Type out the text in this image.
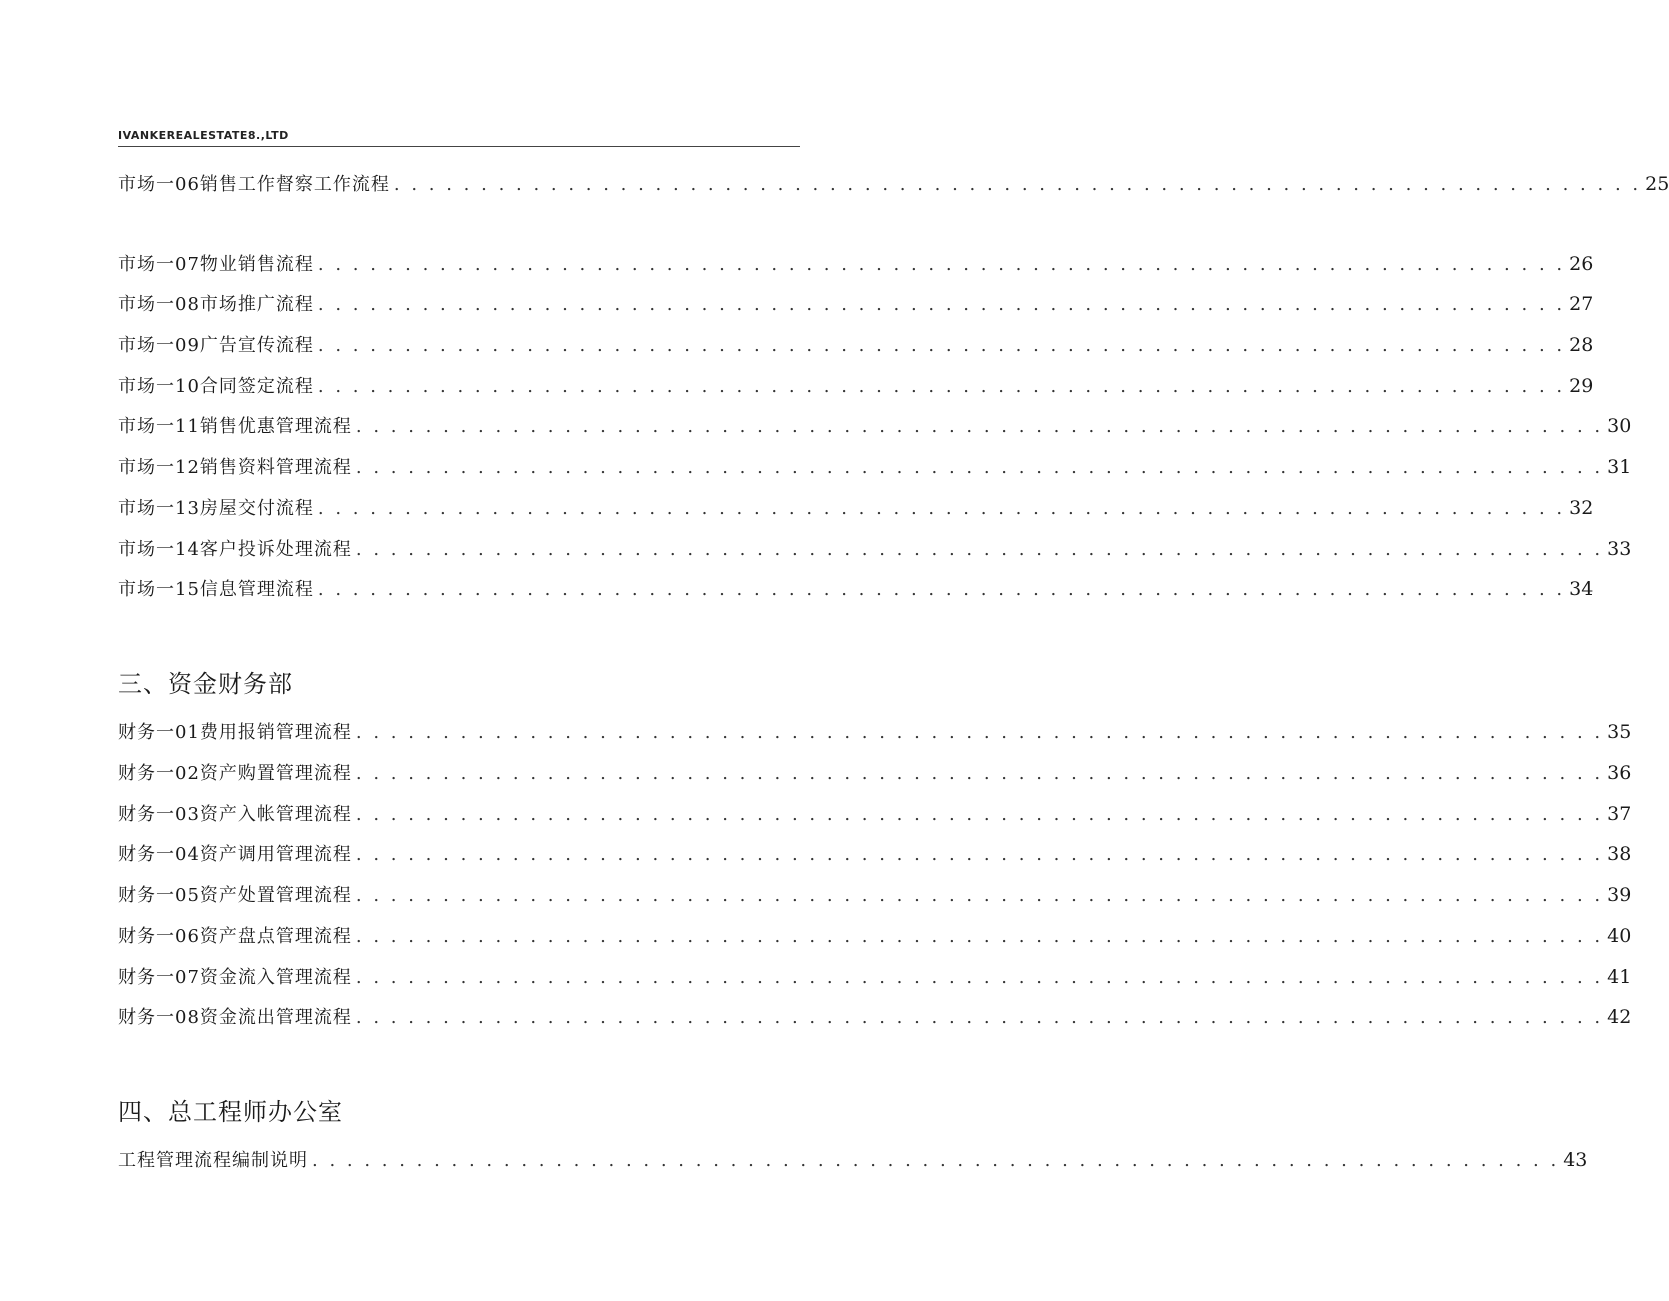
IVANKEREALESTATE8.,LTD
市场一06销售工作督察工作流程 . . . . . . . . . . . . . . . . . . . . . . . . . . . . . . . . . . . . . . . . . . . . . . . . . . . . . . . . . . . . . . . . . . . . . . . . 25
市场一07物业销售流程 . . . . . . . . . . . . . . . . . . . . . . . . . . . . . . . . . . . . . . . . . . . . . . . . . . . . . . . . . . . . . . . . . . . . . . . . 26
市场一08市场推广流程 . . . . . . . . . . . . . . . . . . . . . . . . . . . . . . . . . . . . . . . . . . . . . . . . . . . . . . . . . . . . . . . . . . . . . . . . 27
市场一09广告宣传流程 . . . . . . . . . . . . . . . . . . . . . . . . . . . . . . . . . . . . . . . . . . . . . . . . . . . . . . . . . . . . . . . . . . . . . . . . 28
市场一10合同签定流程 . . . . . . . . . . . . . . . . . . . . . . . . . . . . . . . . . . . . . . . . . . . . . . . . . . . . . . . . . . . . . . . . . . . . . . . . 29
市场一11销售优惠管理流程 . . . . . . . . . . . . . . . . . . . . . . . . . . . . . . . . . . . . . . . . . . . . . . . . . . . . . . . . . . . . . . . . . . . . . . . . 30
市场一12销售资料管理流程 . . . . . . . . . . . . . . . . . . . . . . . . . . . . . . . . . . . . . . . . . . . . . . . . . . . . . . . . . . . . . . . . . . . . . . . . 31
市场一13房屋交付流程 . . . . . . . . . . . . . . . . . . . . . . . . . . . . . . . . . . . . . . . . . . . . . . . . . . . . . . . . . . . . . . . . . . . . . . . . 32
市场一14客户投诉处理流程 . . . . . . . . . . . . . . . . . . . . . . . . . . . . . . . . . . . . . . . . . . . . . . . . . . . . . . . . . . . . . . . . . . . . . . . . 33
市场一15信息管理流程 . . . . . . . . . . . . . . . . . . . . . . . . . . . . . . . . . . . . . . . . . . . . . . . . . . . . . . . . . . . . . . . . . . . . . . . . 34
三、资金财务部
财务一01费用报销管理流程 . . . . . . . . . . . . . . . . . . . . . . . . . . . . . . . . . . . . . . . . . . . . . . . . . . . . . . . . . . . . . . . . . . . . . . . . 35
财务一02资产购置管理流程 . . . . . . . . . . . . . . . . . . . . . . . . . . . . . . . . . . . . . . . . . . . . . . . . . . . . . . . . . . . . . . . . . . . . . . . . 36
财务一03资产入帐管理流程 . . . . . . . . . . . . . . . . . . . . . . . . . . . . . . . . . . . . . . . . . . . . . . . . . . . . . . . . . . . . . . . . . . . . . . . . 37
财务一04资产调用管理流程 . . . . . . . . . . . . . . . . . . . . . . . . . . . . . . . . . . . . . . . . . . . . . . . . . . . . . . . . . . . . . . . . . . . . . . . . 38
财务一05资产处置管理流程 . . . . . . . . . . . . . . . . . . . . . . . . . . . . . . . . . . . . . . . . . . . . . . . . . . . . . . . . . . . . . . . . . . . . . . . . 39
财务一06资产盘点管理流程 . . . . . . . . . . . . . . . . . . . . . . . . . . . . . . . . . . . . . . . . . . . . . . . . . . . . . . . . . . . . . . . . . . . . . . . . 40
财务一07资金流入管理流程 . . . . . . . . . . . . . . . . . . . . . . . . . . . . . . . . . . . . . . . . . . . . . . . . . . . . . . . . . . . . . . . . . . . . . . . . 41
财务一08资金流出管理流程 . . . . . . . . . . . . . . . . . . . . . . . . . . . . . . . . . . . . . . . . . . . . . . . . . . . . . . . . . . . . . . . . . . . . . . . . 42
四、总工程师办公室
工程管理流程编制说明 . . . . . . . . . . . . . . . . . . . . . . . . . . . . . . . . . . . . . . . . . . . . . . . . . . . . . . . . . . . . . . . . . . . . . . . . 43
